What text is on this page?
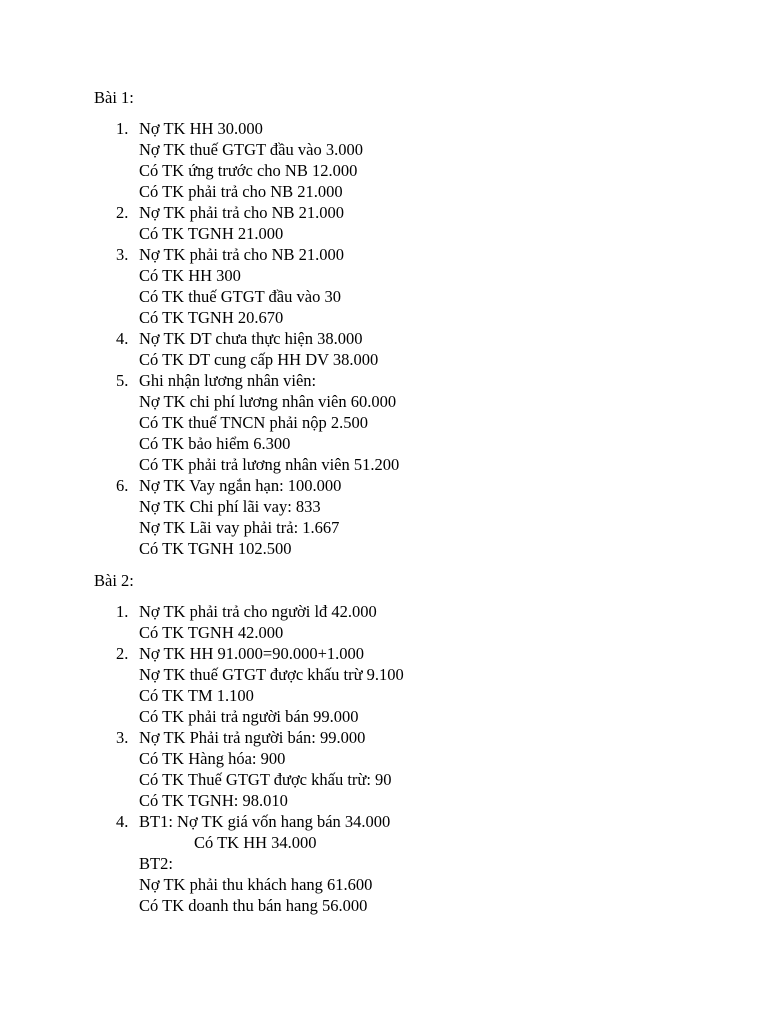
Bài 1:
1. Nợ TK HH 30.000
Nợ TK thuế GTGT đầu vào 3.000
Có TK ứng trước cho NB 12.000
Có TK phải trả cho NB 21.000
2. Nợ TK phải trả cho NB 21.000
Có TK TGNH 21.000
3. Nợ TK phải trả cho NB 21.000
Có TK HH 300
Có TK thuế GTGT đầu vào 30
Có TK TGNH 20.670
4. Nợ TK DT chưa thực hiện 38.000
Có TK DT cung cấp HH DV 38.000
5. Ghi nhận lương nhân viên:
Nợ TK chi phí lương nhân viên 60.000
Có TK thuế TNCN phải nộp 2.500
Có TK bảo hiểm 6.300
Có TK phải trả lương nhân viên 51.200
6. Nợ TK Vay ngắn hạn: 100.000
Nợ TK Chi phí lãi vay: 833
Nợ TK Lãi vay phải trả: 1.667
Có TK TGNH 102.500
Bài 2:
1. Nợ TK phải trả cho người lđ 42.000
Có TK TGNH 42.000
2. Nợ TK HH 91.000=90.000+1.000
Nợ TK thuế GTGT được khấu trừ 9.100
Có TK TM 1.100
Có TK phải trả người bán 99.000
3. Nợ TK Phải trả người bán: 99.000
Có TK Hàng hóa: 900
Có TK Thuế GTGT được khấu trừ: 90
Có TK TGNH: 98.010
4. BT1: Nợ TK giá vốn hang bán 34.000
Có TK HH 34.000
BT2:
Nợ TK phải thu khách hang 61.600
Có TK doanh thu bán hang 56.000
